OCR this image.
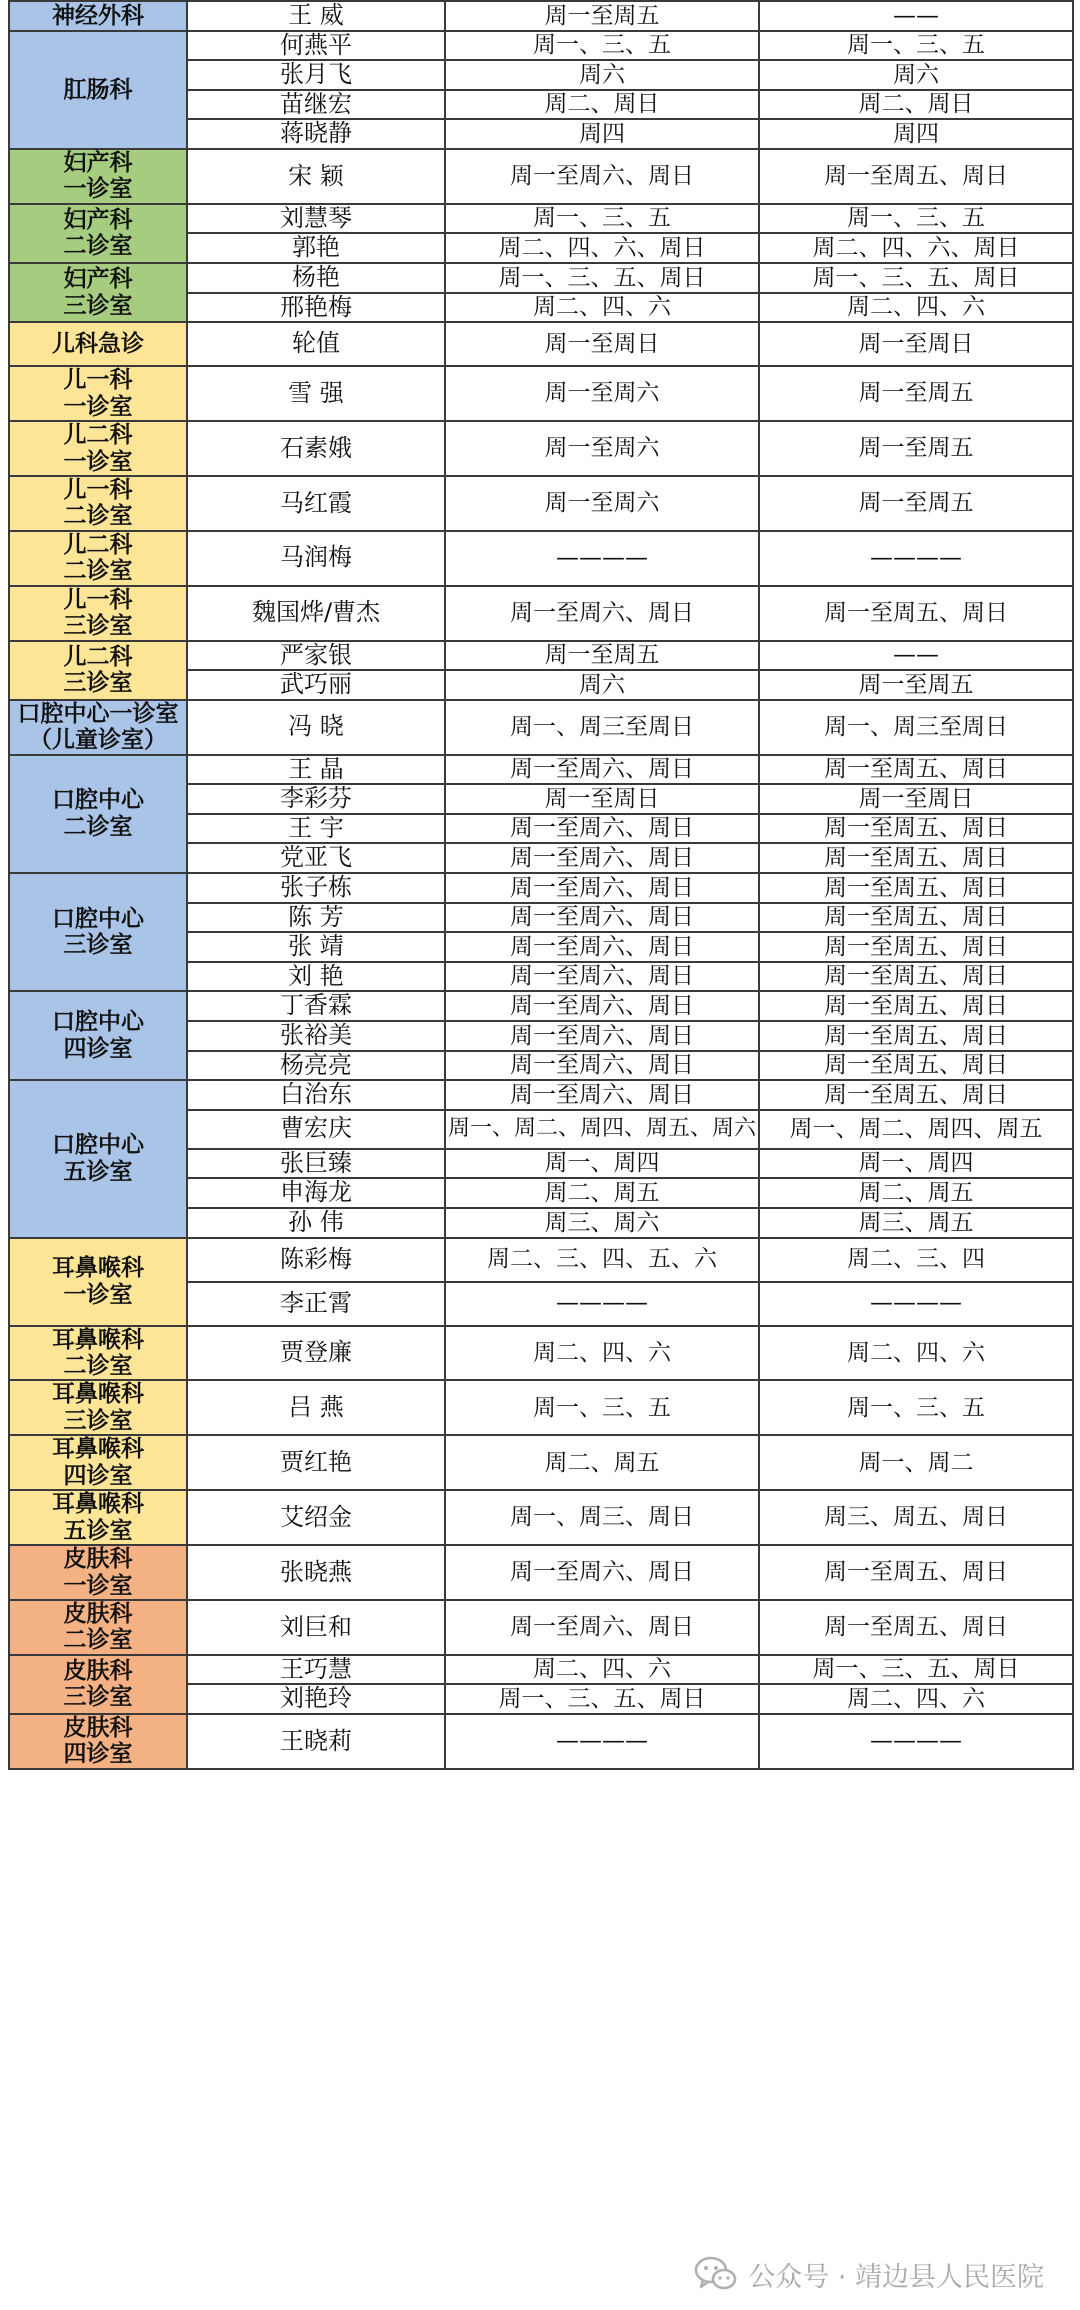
神经外科	王 威	周一至周五	——

肛肠科	何燕平	周一、三、五	周一、三、五
	张月飞	周六	周六
	苗继宏	周二、周日	周二、周日
	蒋晓静	周四	周四

妇产科
一诊室	宋 颖	周一至周六、周日	周一至周五、周日

妇产科
二诊室	刘慧琴	周一、三、五	周一、三、五
	郭艳	周二、四、六、周日	周二、四、六、周日

妇产科
三诊室	杨艳	周一、三、五、周日	周一、三、五、周日
	邢艳梅	周二、四、六	周二、四、六

儿科急诊	轮值	周一至周日	周一至周日

儿一科
一诊室	雪 强	周一至周六	周一至周五

儿二科
一诊室	石素娥	周一至周六	周一至周五

儿一科
二诊室	马红霞	周一至周六	周一至周五

儿二科
二诊室	马润梅	————	————

儿一科
三诊室	魏国烨/曹杰	周一至周六、周日	周一至周五、周日

儿二科
三诊室	严家银	周一至周五	——
	武巧丽	周六	周一至周五

口腔中心一诊室
（儿童诊室）	冯 晓	周一、周三至周日	周一、周三至周日

口腔中心
二诊室	王 晶	周一至周六、周日	周一至周五、周日
	李彩芬	周一至周日	周一至周日
	王 宇	周一至周六、周日	周一至周五、周日
	党亚飞	周一至周六、周日	周一至周五、周日

口腔中心
三诊室	张子栋	周一至周六、周日	周一至周五、周日
	陈 芳	周一至周六、周日	周一至周五、周日
	张 靖	周一至周六、周日	周一至周五、周日
	刘 艳	周一至周六、周日	周一至周五、周日

口腔中心
四诊室	丁香霖	周一至周六、周日	周一至周五、周日
	张裕美	周一至周六、周日	周一至周五、周日
	杨亮亮	周一至周六、周日	周一至周五、周日

口腔中心
五诊室	白治东	周一至周六、周日	周一至周五、周日
	曹宏庆	周一、周二、周四、周五、周六	周一、周二、周四、周五
	张巨臻	周一、周四	周一、周四
	申海龙	周二、周五	周二、周五
	孙 伟	周三、周六	周三、周五

耳鼻喉科
一诊室	陈彩梅	周二、三、四、五、六	周二、三、四
	李正霄	————	————

耳鼻喉科
二诊室	贾登廉	周二、四、六	周二、四、六

耳鼻喉科
三诊室	吕 燕	周一、三、五	周一、三、五

耳鼻喉科
四诊室	贾红艳	周二、周五	周一、周二

耳鼻喉科
五诊室	艾绍金	周一、周三、周日	周三、周五、周日

皮肤科
一诊室	张晓燕	周一至周六、周日	周一至周五、周日

皮肤科
二诊室	刘巨和	周一至周六、周日	周一至周五、周日

皮肤科
三诊室	王巧慧	周二、四、六	周一、三、五、周日
	刘艳玲	周一、三、五、周日	周二、四、六

皮肤科
四诊室	王晓莉	————	————
公众号 · 靖边县人民医院
